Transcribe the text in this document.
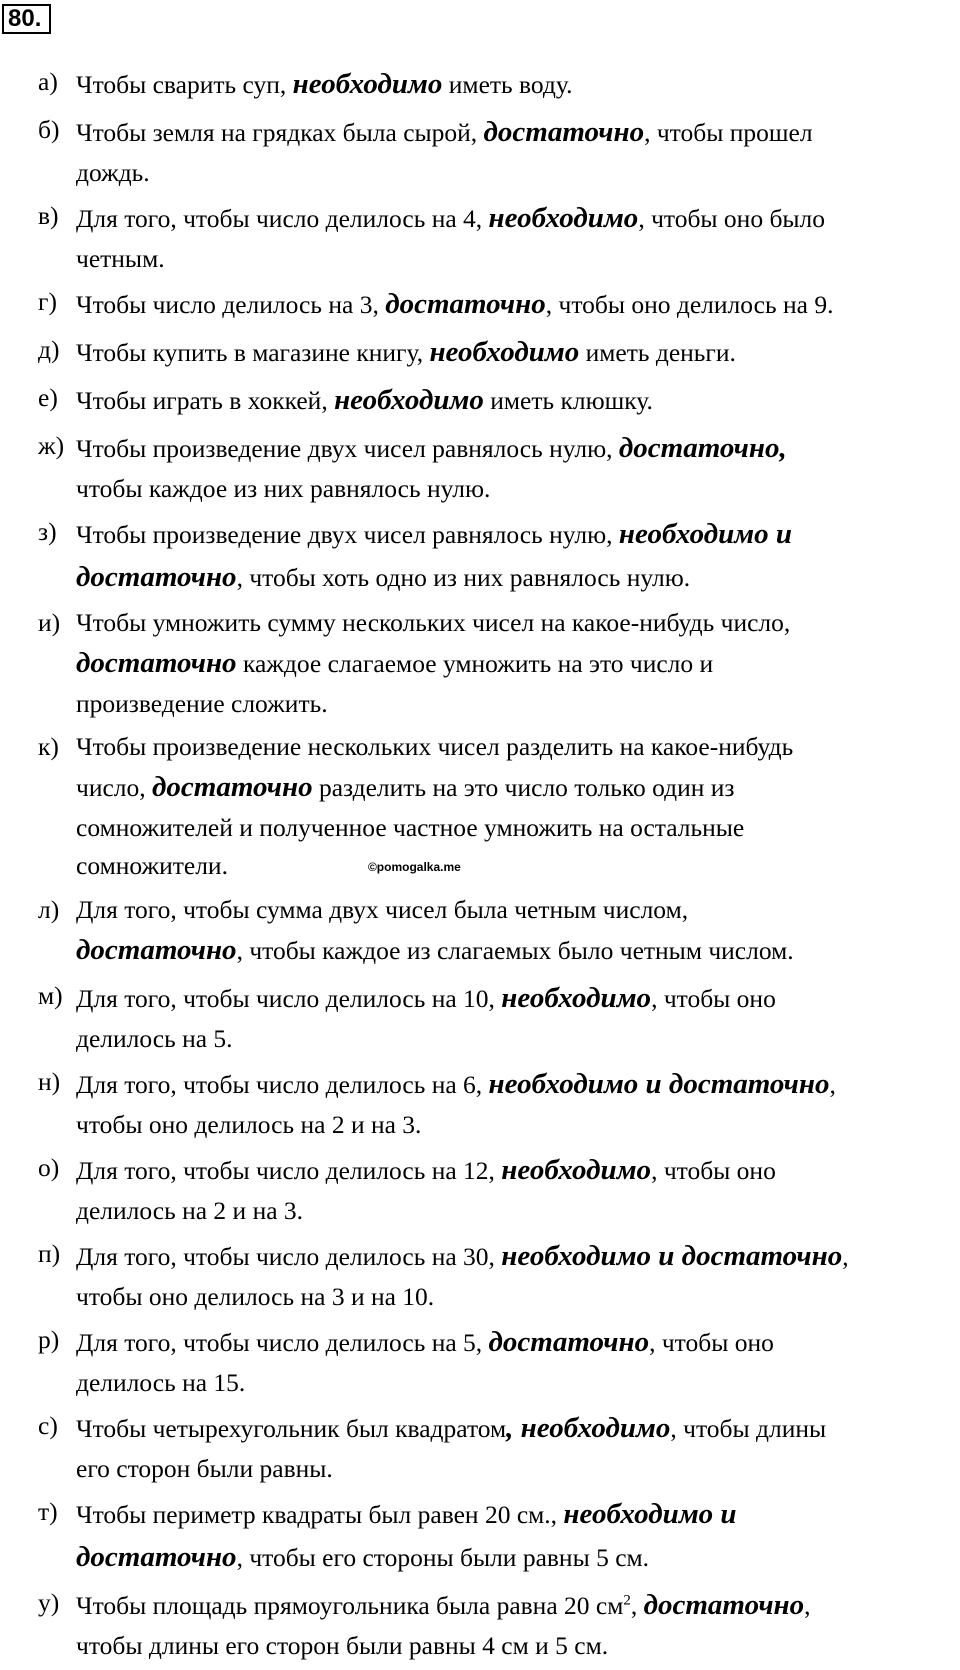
80.
а) Чтобы сварить суп, необходимо иметь воду.
б) Чтобы земля на грядках была сырой, достаточно, чтобы прошел
дождь.
в) Для того, чтобы число делилось на 4, необходимо, чтобы оно было
четным.
г) Чтобы число делилось на 3, достаточно, чтобы оно делилось на 9.
д) Чтобы купить в магазине книгу, необходимо иметь деньги.
е) Чтобы играть в хоккей, необходимо иметь клюшку.
ж) Чтобы произведение двух чисел равнялось нулю, достаточно,
чтобы каждое из них равнялось нулю.
з) Чтобы произведение двух чисел равнялось нулю, необходимо и
достаточно, чтобы хоть одно из них равнялось нулю.
и) Чтобы умножить сумму нескольких чисел на какое-нибудь число,
достаточно каждое слагаемое умножить на это число и
произведение сложить.
к) Чтобы произведение нескольких чисел разделить на какое-нибудь
число, достаточно разделить на это число только один из
сомножителей и полученное частное умножить на остальные
сомножители.	©pomogalka.me
л) Для того, чтобы сумма двух чисел была четным числом,
достаточно, чтобы каждое из слагаемых было четным числом.
м) Для того, чтобы число делилось на 10, необходимо, чтобы оно
делилось на 5.
н) Для того, чтобы число делилось на 6, необходимо и достаточно,
чтобы оно делилось на 2 и на 3.
о) Для того, чтобы число делилось на 12, необходимо, чтобы оно
делилось на 2 и на 3.
п) Для того, чтобы число делилось на 30, необходимо и достаточно,
чтобы оно делилось на 3 и на 10.
р) Для того, чтобы число делилось на 5, достаточно, чтобы оно
делилось на 15.
с) Чтобы четырехугольник был квадратом, необходимо, чтобы длины
его сторон были равны.
т) Чтобы периметр квадраты был равен 20 см., необходимо и
достаточно, чтобы его стороны были равны 5 см.
у) Чтобы площадь прямоугольника была равна 20 $см^2$, достаточно,
чтобы длины его сторон были равны 4 см и 5 см.
